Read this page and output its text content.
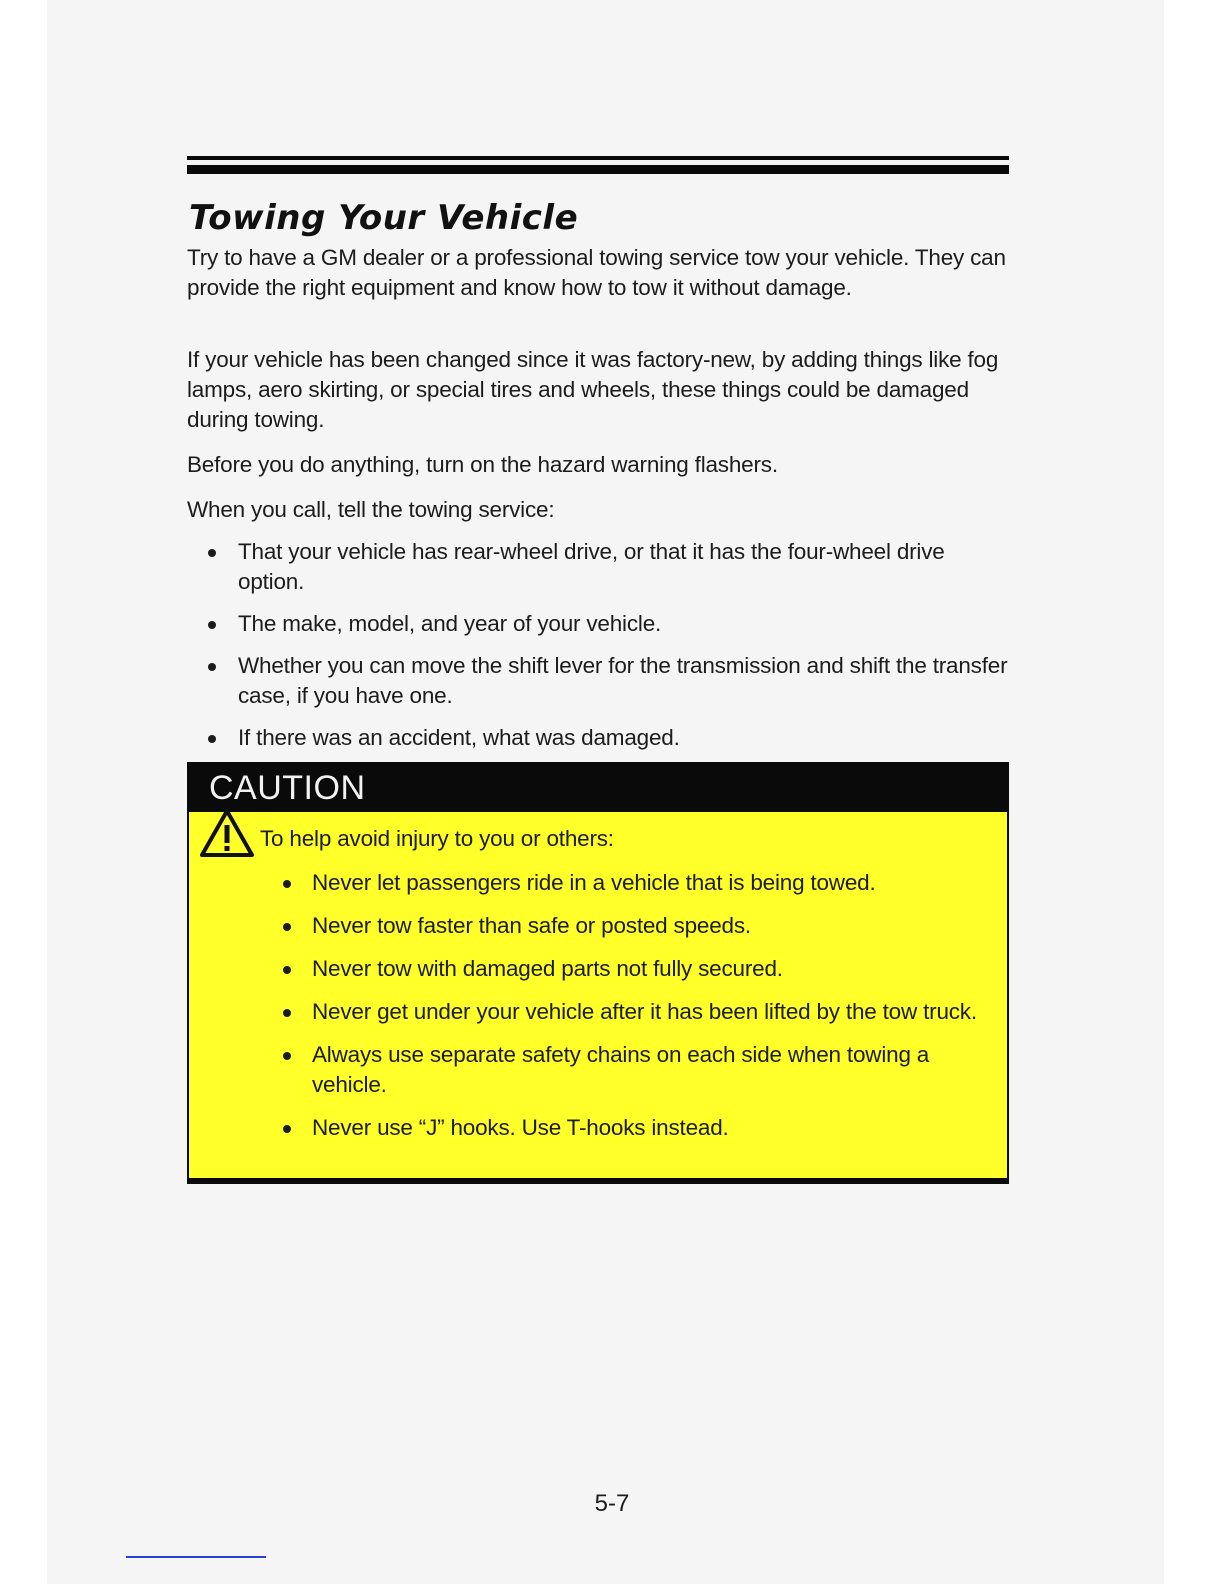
Towing Your Vehicle

Try to have a GM dealer or a professional towing service tow your vehicle. They can provide the right equipment and know how to tow it without damage.

If your vehicle has been changed since it was factory-new, by adding things like fog lamps, aero skirting, or special tires and wheels, these things could be damaged during towing.

Before you do anything, turn on the hazard warning flashers.

When you call, tell the towing service:

That your vehicle has rear-wheel drive, or that it has the four-wheel drive option.
The make, model, and year of your vehicle.
Whether you can move the shift lever for the transmission and shift the transfer case, if you have one.
If there was an accident, what was damaged.
CAUTION

To help avoid injury to you or others:

Never let passengers ride in a vehicle that is being towed.
Never tow faster than safe or posted speeds.
Never tow with damaged parts not fully secured.
Never get under your vehicle after it has been lifted by the tow truck.
Always use separate safety chains on each side when towing a vehicle.
Never use “J” hooks. Use T-hooks instead.

5-7
